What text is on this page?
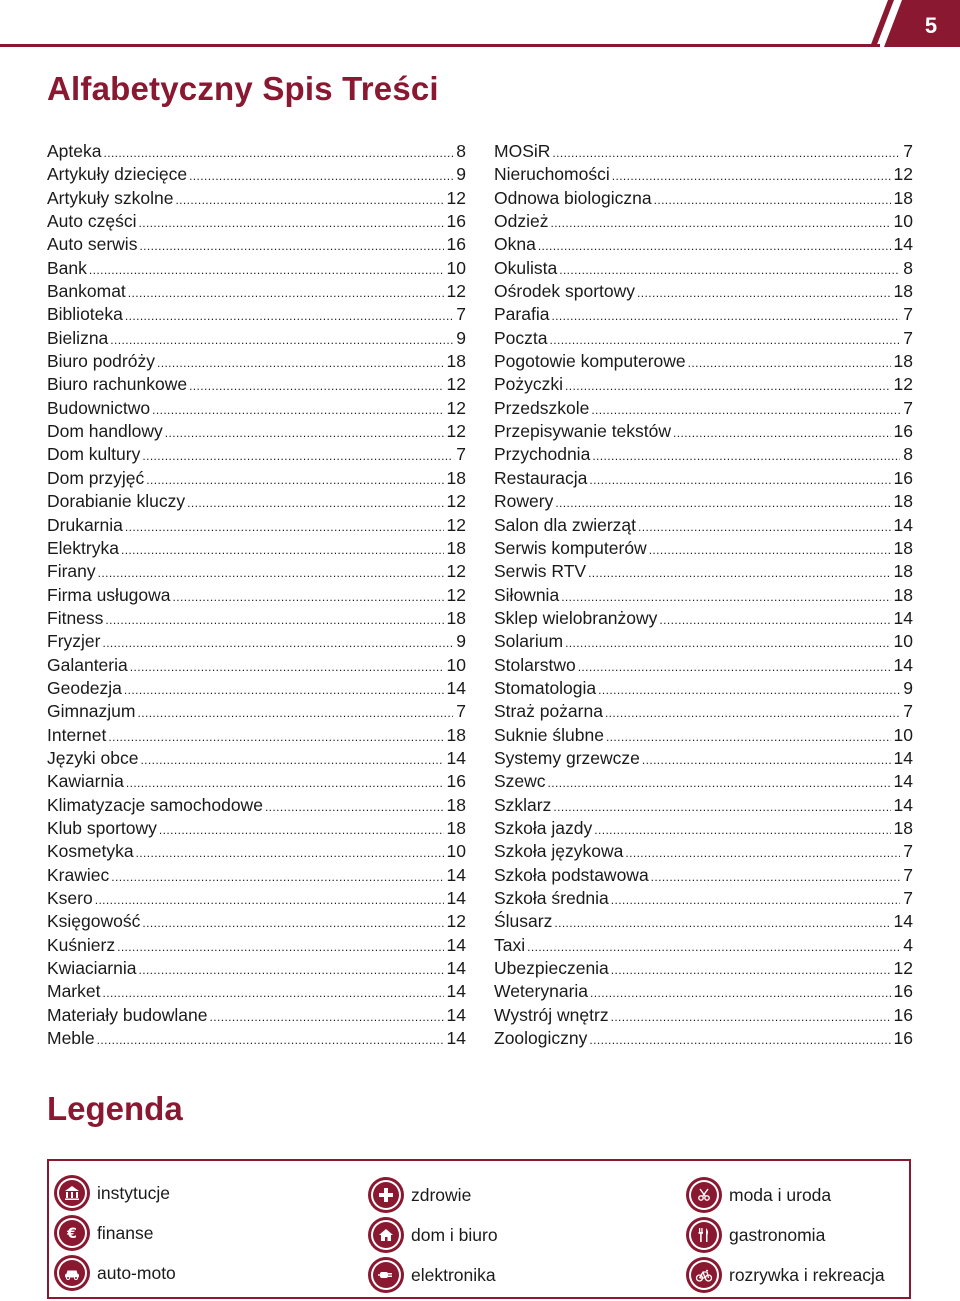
5
Alfabetyczny Spis Treści
Apteka .....	8
Artykuły dziecięce .....	9
Artykuły szkolne .....	12
Auto części .....	16
Auto serwis .....	16
Bank .....	10
Bankomat .....	12
Biblioteka .....	7
Bielizna .....	9
Biuro podróży .....	18
Biuro rachunkowe .....	12
Budownictwo .....	12
Dom handlowy .....	12
Dom kultury .....	7
Dom przyjęć .....	18
Dorabianie kluczy .....	12
Drukarnia .....	12
Elektryka .....	18
Firany .....	12
Firma usługowa .....	12
Fitness .....	18
Fryzjer .....	9
Galanteria .....	10
Geodezja .....	14
Gimnazjum .....	7
Internet .....	18
Języki obce .....	14
Kawiarnia .....	16
Klimatyzacje samochodowe .....	18
Klub sportowy .....	18
Kosmetyka .....	10
Krawiec .....	14
Ksero .....	14
Księgowość .....	12
Kuśnierz .....	14
Kwiaciarnia .....	14
Market .....	14
Materiały budowlane .....	14
Meble .....	14
MOSiR .....	7
Nieruchomości .....	12
Odnowa biologiczna .....	18
Odzież .....	10
Okna .....	14
Okulista .....	8
Ośrodek sportowy .....	18
Parafia .....	7
Poczta .....	7
Pogotowie komputerowe .....	18
Pożyczki .....	12
Przedszkole .....	7
Przepisywanie tekstów .....	16
Przychodnia .....	8
Restauracja .....	16
Rowery .....	18
Salon dla zwierząt .....	14
Serwis komputerów .....	18
Serwis RTV .....	18
Siłownia .....	18
Sklep wielobranżowy .....	14
Solarium .....	10
Stolarstwo .....	14
Stomatologia .....	9
Straż pożarna .....	7
Suknie ślubne .....	10
Systemy grzewcze .....	14
Szewc .....	14
Szklarz .....	14
Szkoła jazdy .....	18
Szkoła językowa .....	7
Szkoła podstawowa .....	7
Szkoła średnia .....	7
Ślusarz .....	14
Taxi .....	4
Ubezpieczenia .....	12
Weterynaria .....	16
Wystrój wnętrz .....	16
Zoologiczny .....	16
Legenda
instytucje
€ finanse
auto-moto
zdrowie
dom i biuro
elektronika
moda i uroda
gastronomia
rozrywka i rekreacja
